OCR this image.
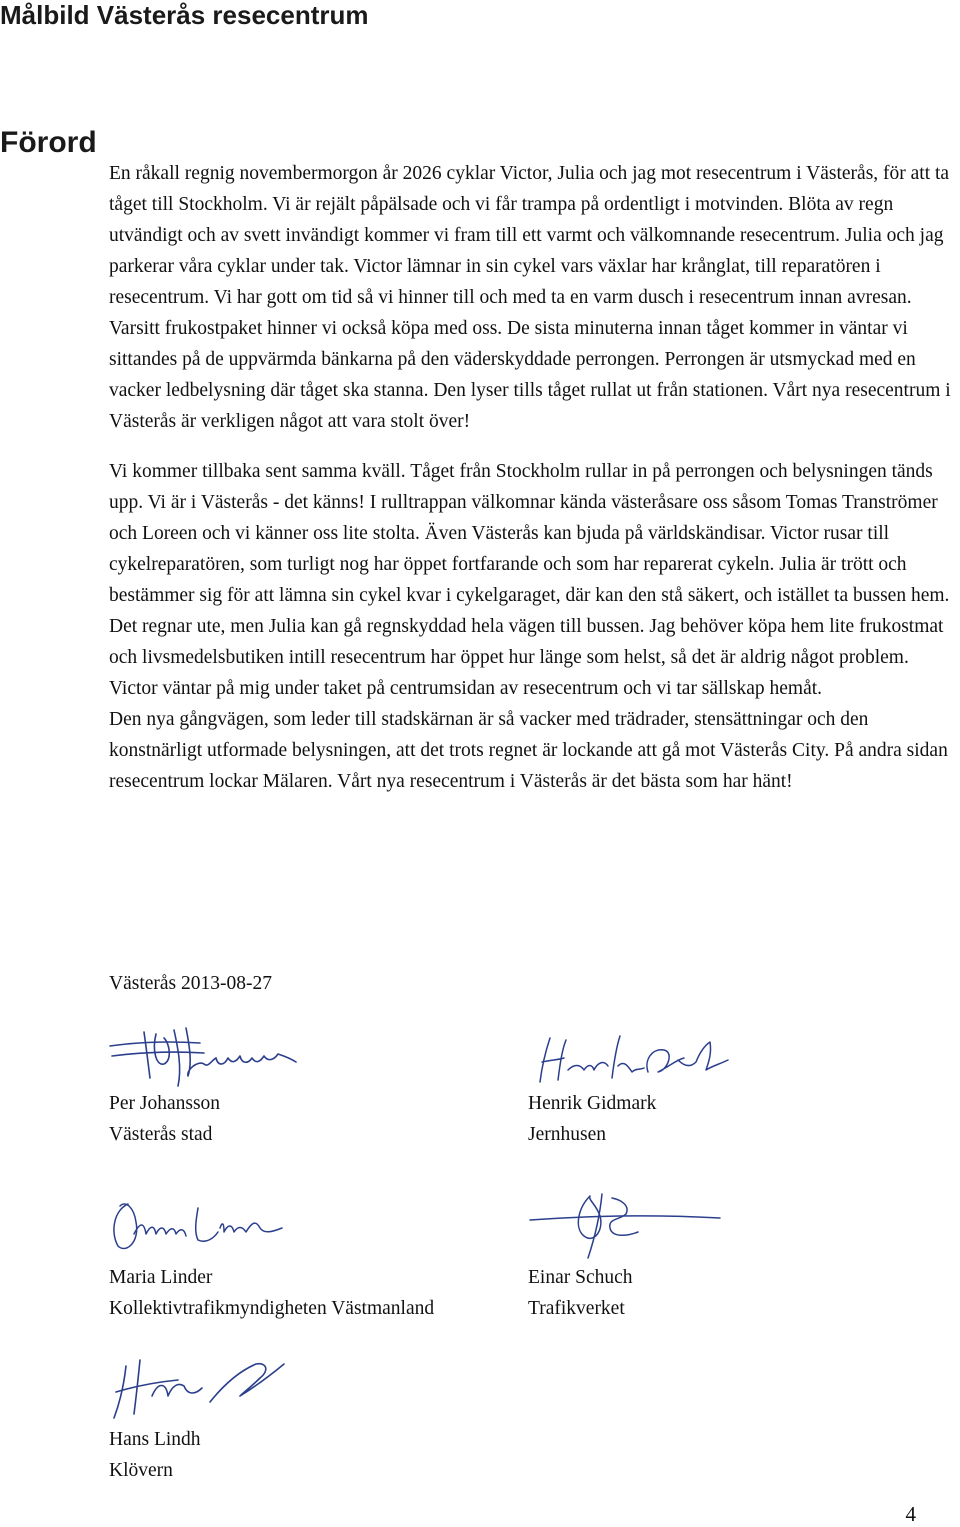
Målbild Västerås resecentrum
Förord

En råkall regnig novembermorgon år 2026 cyklar Victor, Julia och jag mot resecentrum i Västerås, för att ta tåget till Stockholm. Vi är rejält påpälsade och vi får trampa på ordentligt i motvinden. Blöta av regn utvändigt och av svett invändigt kommer vi fram till ett varmt och välkomnande resecentrum. Julia och jag parkerar våra cyklar under tak. Victor lämnar in sin cykel vars växlar har krånglat, till reparatören i resecentrum. Vi har gott om tid så vi hinner till och med ta en varm dusch i resecentrum innan avresan. Varsitt frukostpaket hinner vi också köpa med oss. De sista minuterna innan tåget kommer in väntar vi sittandes på de uppvärmda bänkarna på den väderskyddade perrongen. Perrongen är utsmyckad med en vacker ledbelysning där tåget ska stanna. Den lyser tills tåget rullat ut från stationen. Vårt nya resecentrum i Västerås är verkligen något att vara stolt över!

Vi kommer tillbaka sent samma kväll. Tåget från Stockholm rullar in på perrongen och belysningen tänds upp. Vi är i Västerås - det känns! I rulltrappan välkomnar kända västeråsare oss såsom Tomas Tranströmer och Loreen och vi känner oss lite stolta. Även Västerås kan bjuda på världskändisar. Victor rusar till cykelreparatören, som turligt nog har öppet fortfarande och som har reparerat cykeln. Julia är trött och bestämmer sig för att lämna sin cykel kvar i cykelgaraget, där kan den stå säkert, och istället ta bussen hem. Det regnar ute, men Julia kan gå regnskyddad hela vägen till bussen. Jag behöver köpa hem lite frukostmat och livsmedelsbutiken intill resecentrum har öppet hur länge som helst, så det är aldrig något problem. Victor väntar på mig under taket på centrumsidan av resecentrum och vi tar sällskap hemåt.

Den nya gångvägen, som leder till stadskärnan är så vacker med trädrader, stensättningar och den konstnärligt utformade belysningen, att det trots regnet är lockande att gå mot Västerås City. På andra sidan resecentrum lockar Mälaren. Vårt nya resecentrum i Västerås är det bästa som har hänt!

Västerås 2013-08-27

Per Johansson
Västerås stad
Henrik Gidmark
Jernhusen
Maria Linder
Kollektivtrafikmyndigheten Västmanland
Einar Schuch
Trafikverket
Hans Lindh
Klövern
4
